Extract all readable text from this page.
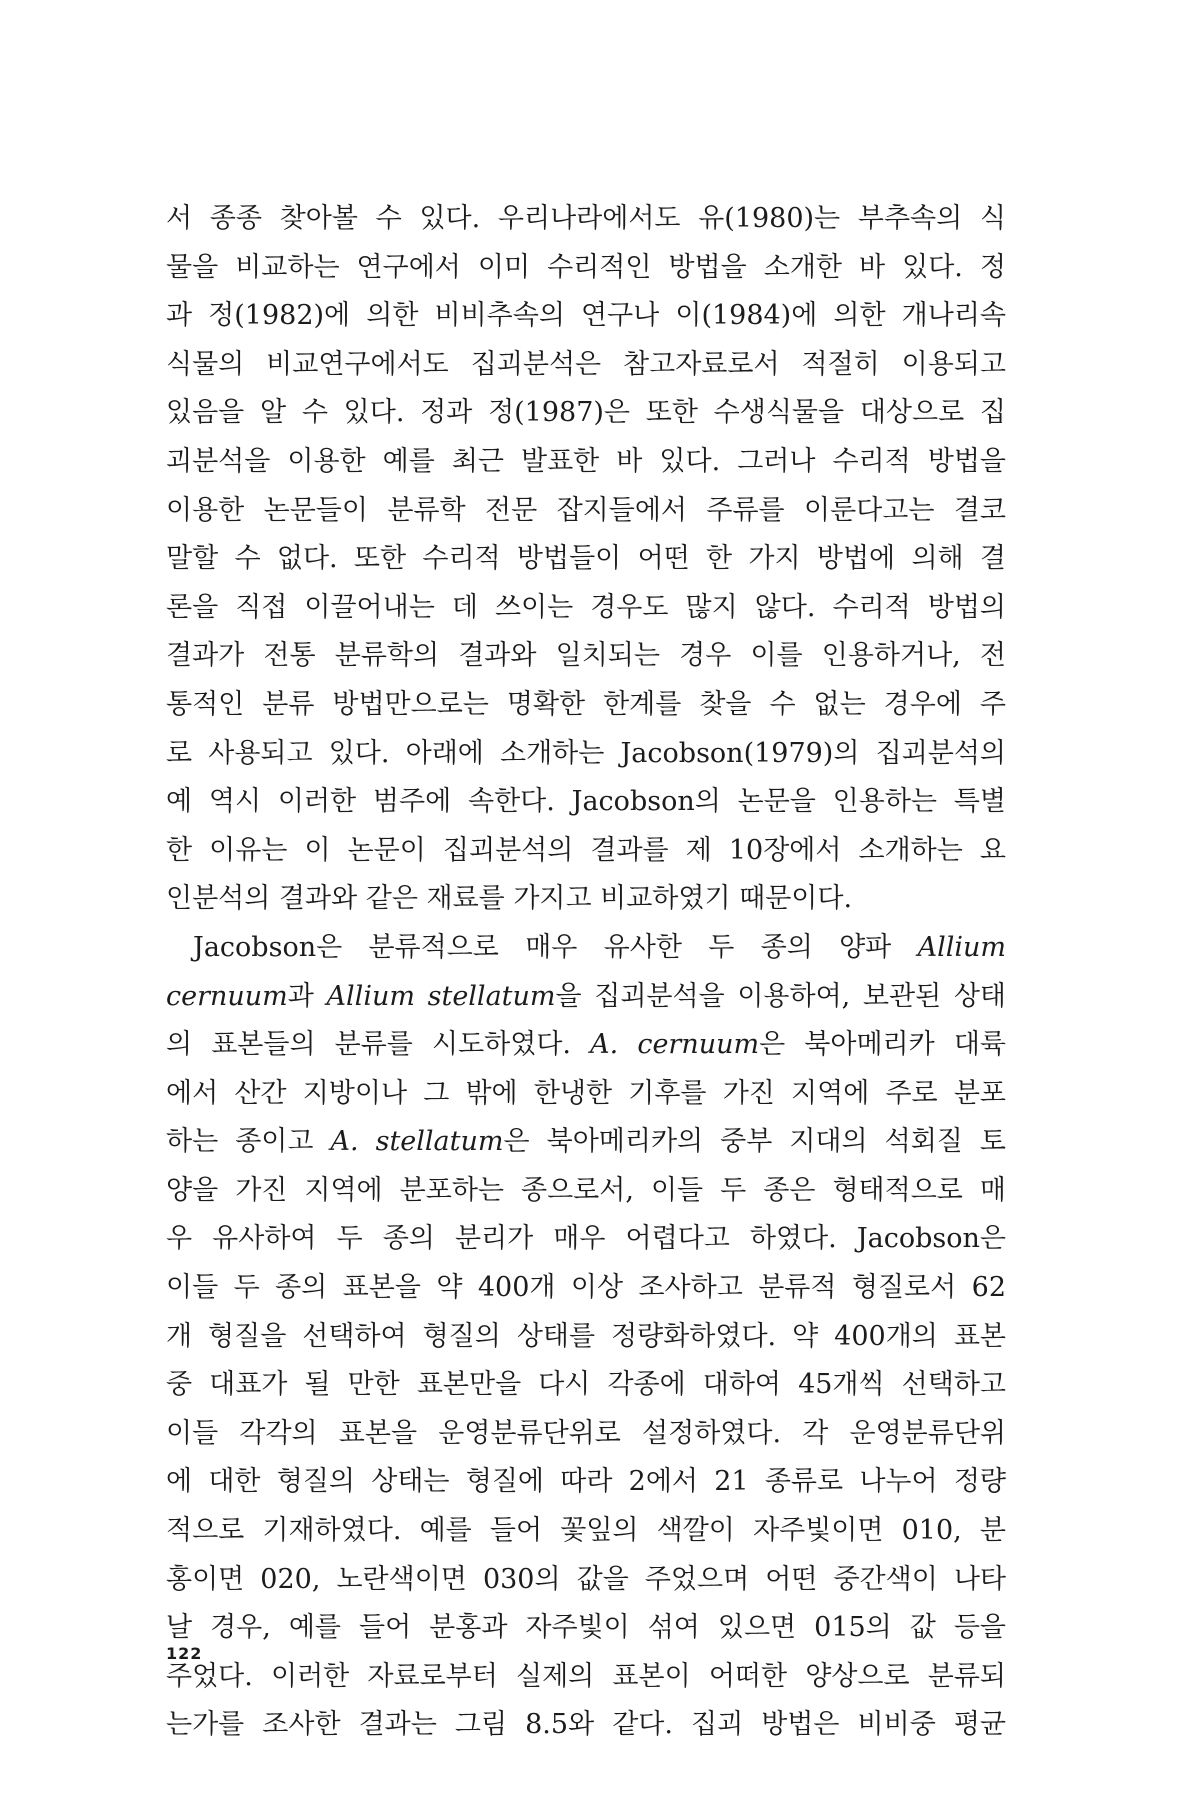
서 종종 찾아볼 수 있다. 우리나라에서도 유(1980)는 부추속의 식
물을 비교하는 연구에서 이미 수리적인 방법을 소개한 바 있다. 정
과 정(1982)에 의한 비비추속의 연구나 이(1984)에 의한 개나리속
식물의 비교연구에서도 집괴분석은 참고자료로서 적절히 이용되고
있음을 알 수 있다. 정과 정(1987)은 또한 수생식물을 대상으로 집
괴분석을 이용한 예를 최근 발표한 바 있다. 그러나 수리적 방법을
이용한 논문들이 분류학 전문 잡지들에서 주류를 이룬다고는 결코
말할 수 없다. 또한 수리적 방법들이 어떤 한 가지 방법에 의해 결
론을 직접 이끌어내는 데 쓰이는 경우도 많지 않다. 수리적 방법의
결과가 전통 분류학의 결과와 일치되는 경우 이를 인용하거나, 전
통적인 분류 방법만으로는 명확한 한계를 찾을 수 없는 경우에 주
로 사용되고 있다. 아래에 소개하는 Jacobson(1979)의 집괴분석의
예 역시 이러한 범주에 속한다. Jacobson의 논문을 인용하는 특별
한 이유는 이 논문이 집괴분석의 결과를 제 10장에서 소개하는 요
인분석의 결과와 같은 재료를 가지고 비교하였기 때문이다.
Jacobson은 분류적으로 매우 유사한 두 종의 양파 Allium
cernuum과 Allium stellatum을 집괴분석을 이용하여, 보관된 상태
의 표본들의 분류를 시도하였다. A. cernuum은 북아메리카 대륙
에서 산간 지방이나 그 밖에 한냉한 기후를 가진 지역에 주로 분포
하는 종이고 A. stellatum은 북아메리카의 중부 지대의 석회질 토
양을 가진 지역에 분포하는 종으로서, 이들 두 종은 형태적으로 매
우 유사하여 두 종의 분리가 매우 어렵다고 하였다. Jacobson은
이들 두 종의 표본을 약 400개 이상 조사하고 분류적 형질로서 62
개 형질을 선택하여 형질의 상태를 정량화하였다. 약 400개의 표본
중 대표가 될 만한 표본만을 다시 각종에 대하여 45개씩 선택하고
이들 각각의 표본을 운영분류단위로 설정하였다. 각 운영분류단위
에 대한 형질의 상태는 형질에 따라 2에서 21 종류로 나누어 정량
적으로 기재하였다. 예를 들어 꽃잎의 색깔이 자주빛이면 010, 분
홍이면 020, 노란색이면 030의 값을 주었으며 어떤 중간색이 나타
날 경우, 예를 들어 분홍과 자주빛이 섞여 있으면 015의 값 등을
주었다. 이러한 자료로부터 실제의 표본이 어떠한 양상으로 분류되
는가를 조사한 결과는 그림 8.5와 같다. 집괴 방법은 비비중 평균
122
